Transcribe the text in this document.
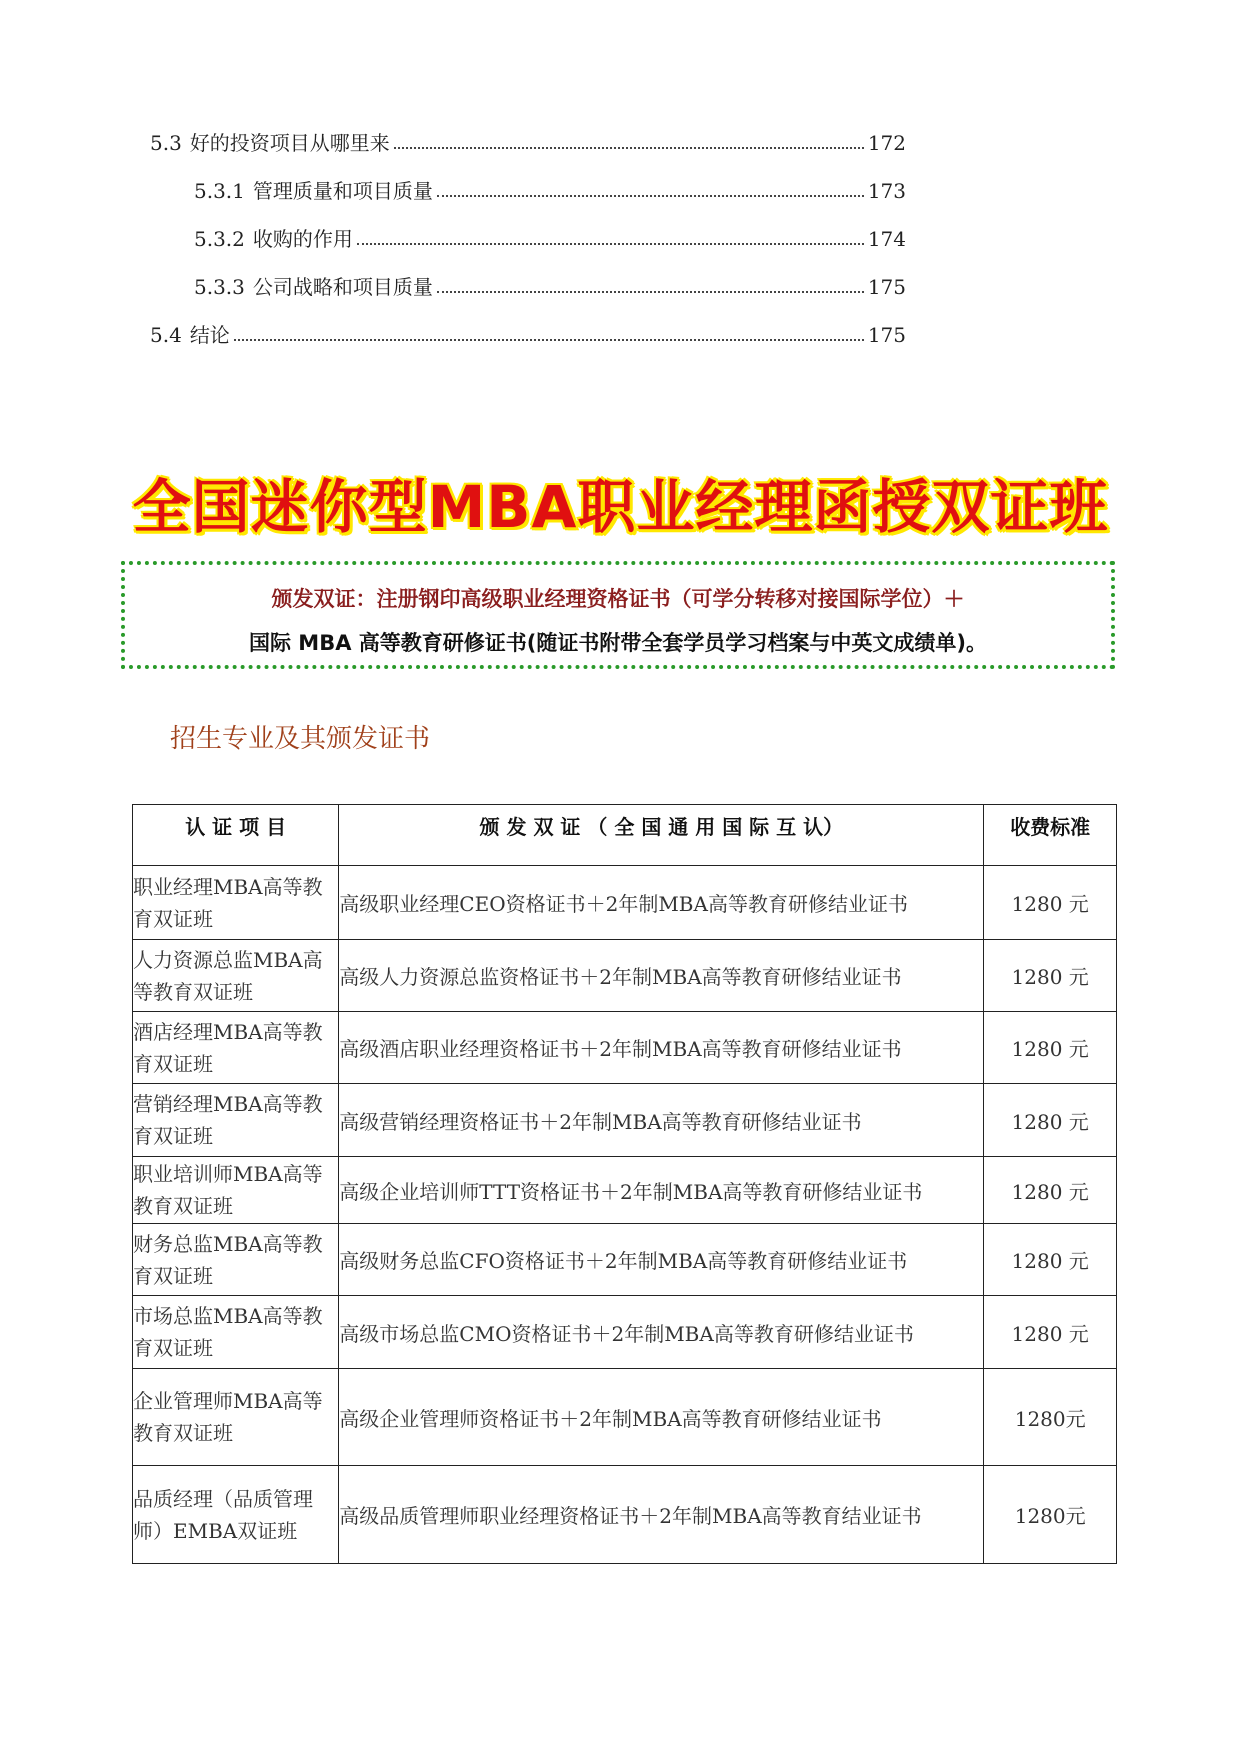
5.3 好的投资项目从哪里来	172
5.3.1 管理质量和项目质量	173
5.3.2 收购的作用	174
5.3.3 公司战略和项目质量	175
5.4 结论	175
全国迷你型MBA职业经理函授双证班
颁发双证：注册钢印高级职业经理资格证书（可学分转移对接国际学位）＋
国际 MBA 高等教育研修证书(随证书附带全套学员学习档案与中英文成绩单)。
招生专业及其颁发证书
认 证 项 目	颁 发 双 证 （ 全 国 通 用 国 际 互 认）	收费标准
职业经理MBA高等教育双证班	高级职业经理CEO资格证书＋2年制MBA高等教育研修结业证书	1280 元
人力资源总监MBA高等教育双证班	高级人力资源总监资格证书＋2年制MBA高等教育研修结业证书	1280 元
酒店经理MBA高等教育双证班	高级酒店职业经理资格证书＋2年制MBA高等教育研修结业证书	1280 元
营销经理MBA高等教育双证班	高级营销经理资格证书＋2年制MBA高等教育研修结业证书	1280 元
职业培训师MBA高等教育双证班	高级企业培训师TTT资格证书＋2年制MBA高等教育研修结业证书	1280 元
财务总监MBA高等教育双证班	高级财务总监CFO资格证书＋2年制MBA高等教育研修结业证书	1280 元
市场总监MBA高等教育双证班	高级市场总监CMO资格证书＋2年制MBA高等教育研修结业证书	1280 元
企业管理师MBA高等教育双证班	高级企业管理师资格证书＋2年制MBA高等教育研修结业证书	1280元
品质经理（品质管理师）EMBA双证班	高级品质管理师职业经理资格证书＋2年制MBA高等教育结业证书	1280元
